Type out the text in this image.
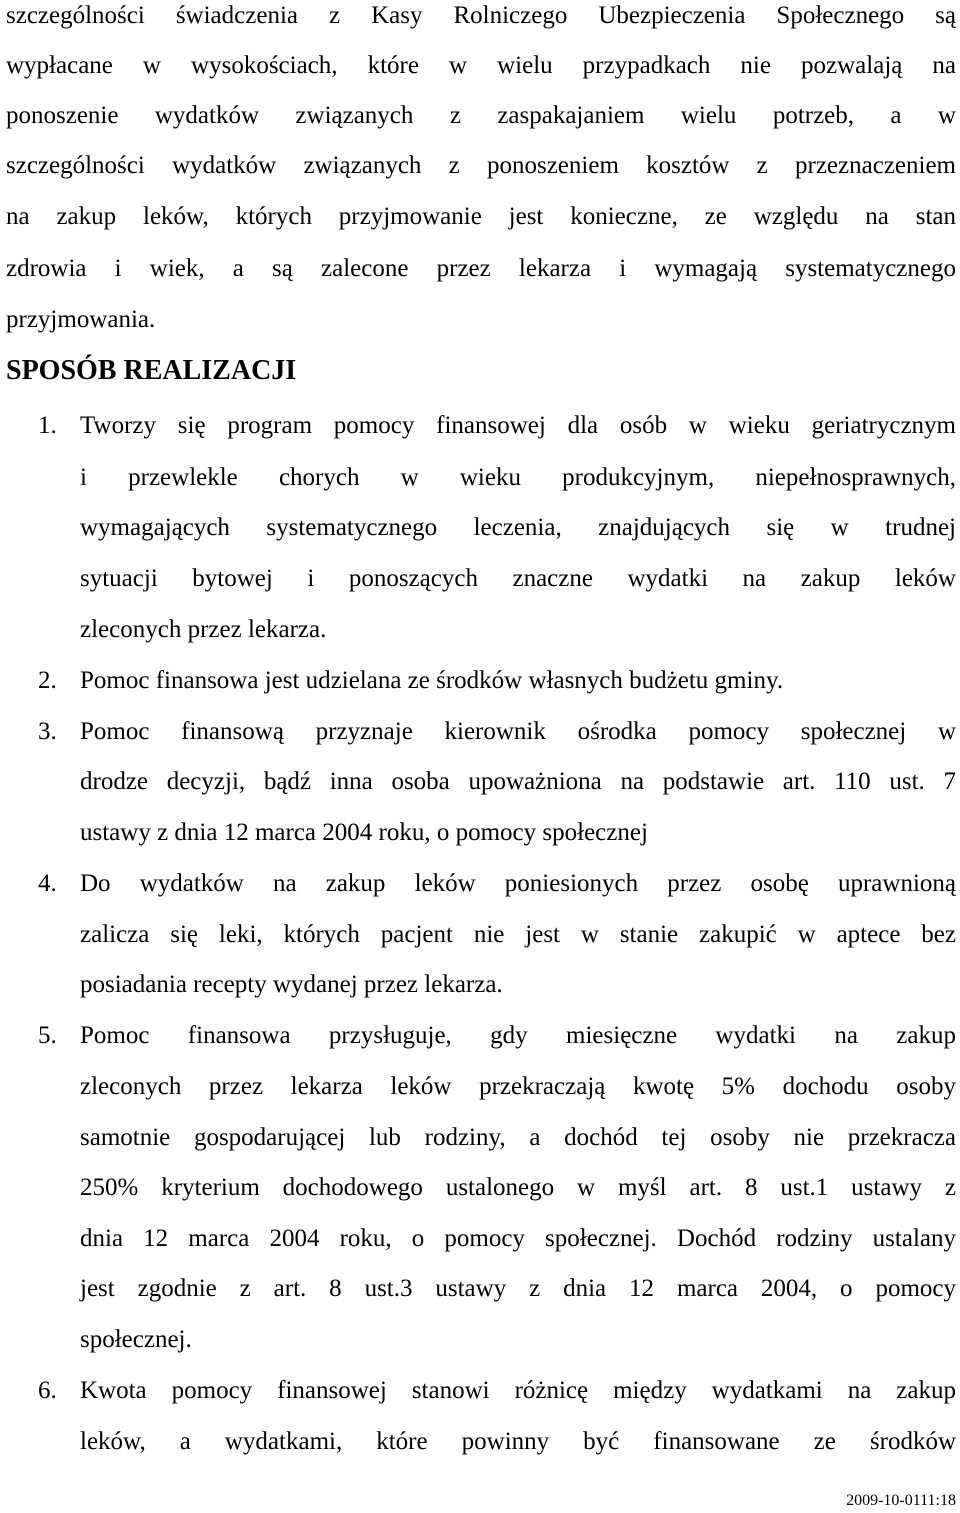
szczególności świadczenia z Kasy Rolniczego Ubezpieczenia Społecznego są
wypłacane w wysokościach, które w wielu przypadkach nie pozwalają na
ponoszenie wydatków związanych z zaspakajaniem wielu potrzeb, a w
szczególności wydatków związanych z ponoszeniem kosztów z przeznaczeniem
na zakup leków, których przyjmowanie jest konieczne, ze względu na stan
zdrowia i wiek, a są zalecone przez lekarza i wymagają systematycznego
przyjmowania.
SPOSÓB REALIZACJI
1. Tworzy się program pomocy finansowej dla osób w wieku geriatrycznym
i przewlekle chorych w wieku produkcyjnym, niepełnosprawnych,
wymagających systematycznego leczenia, znajdujących się w trudnej
sytuacji bytowej i ponoszących znaczne wydatki na zakup leków
zleconych przez lekarza.
2. Pomoc finansowa jest udzielana ze środków własnych budżetu gminy.
3. Pomoc finansową przyznaje kierownik ośrodka pomocy społecznej w
drodze decyzji, bądź inna osoba upoważniona na podstawie art. 110 ust. 7
ustawy z dnia 12 marca 2004 roku, o pomocy społecznej
4. Do wydatków na zakup leków poniesionych przez osobę uprawnioną
zalicza się leki, których pacjent nie jest w stanie zakupić w aptece bez
posiadania recepty wydanej przez lekarza.
5. Pomoc finansowa przysługuje, gdy miesięczne wydatki na zakup
zleconych przez lekarza leków przekraczają kwotę 5% dochodu osoby
samotnie gospodarującej lub rodziny, a dochód tej osoby nie przekracza
250% kryterium dochodowego ustalonego w myśl art. 8 ust.1 ustawy z
dnia 12 marca 2004 roku, o pomocy społecznej. Dochód rodziny ustalany
jest zgodnie z art. 8 ust.3 ustawy z dnia 12 marca 2004, o pomocy
społecznej.
6. Kwota pomocy finansowej stanowi różnicę między wydatkami na zakup
leków, a wydatkami, które powinny być finansowane ze środków
2009-10-0111:18
